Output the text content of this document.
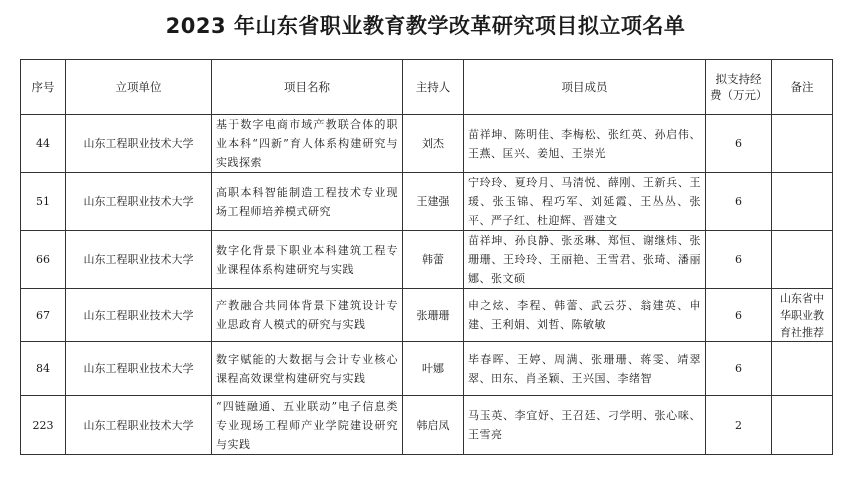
2023 年山东省职业教育教学改革研究项目拟立项名单
序号	立项单位	项目名称	主持人	项目成员	拟支持经费（万元）	备注
44	山东工程职业技术大学	基于数字电商市域产教联合体的职业本科“四新”育人体系构建研究与实践探索	刘杰	苗祥坤、陈明佳、李梅松、张红英、孙启伟、王燕、匡兴、姜旭、王崇光	6	
51	山东工程职业技术大学	高职本科智能制造工程技术专业现场工程师培养模式研究	王建强	宁玲玲、夏玲月、马清悦、薛刚、王新兵、王瑗、张玉锦、程巧军、刘延霞、王丛丛、张平、严子红、杜迎辉、晋建文	6	
66	山东工程职业技术大学	数字化背景下职业本科建筑工程专业课程体系构建研究与实践	韩蕾	苗祥坤、孙良静、张丞琳、郑恒、谢继炜、张珊珊、王玲玲、王丽艳、王雪君、张琦、潘丽娜、张文硕	6	
67	山东工程职业技术大学	产教融合共同体背景下建筑设计专业思政育人模式的研究与实践	张珊珊	申之炫、李程、韩蕾、武云芬、翁建英、申建、王利娟、刘哲、陈敏敏	6	山东省中华职业教育社推荐
84	山东工程职业技术大学	数字赋能的大数据与会计专业核心课程高效课堂构建研究与实践	叶娜	毕春晖、王婷、周满、张珊珊、蒋雯、靖翠翠、田东、肖圣颖、王兴国、李绪智	6	
223	山东工程职业技术大学	“四链融通、五业联动”电子信息类专业现场工程师产业学院建设研究与实践	韩启凤	马玉英、李宜妤、王召廷、刁学明、张心咪、王雪亮	2	
